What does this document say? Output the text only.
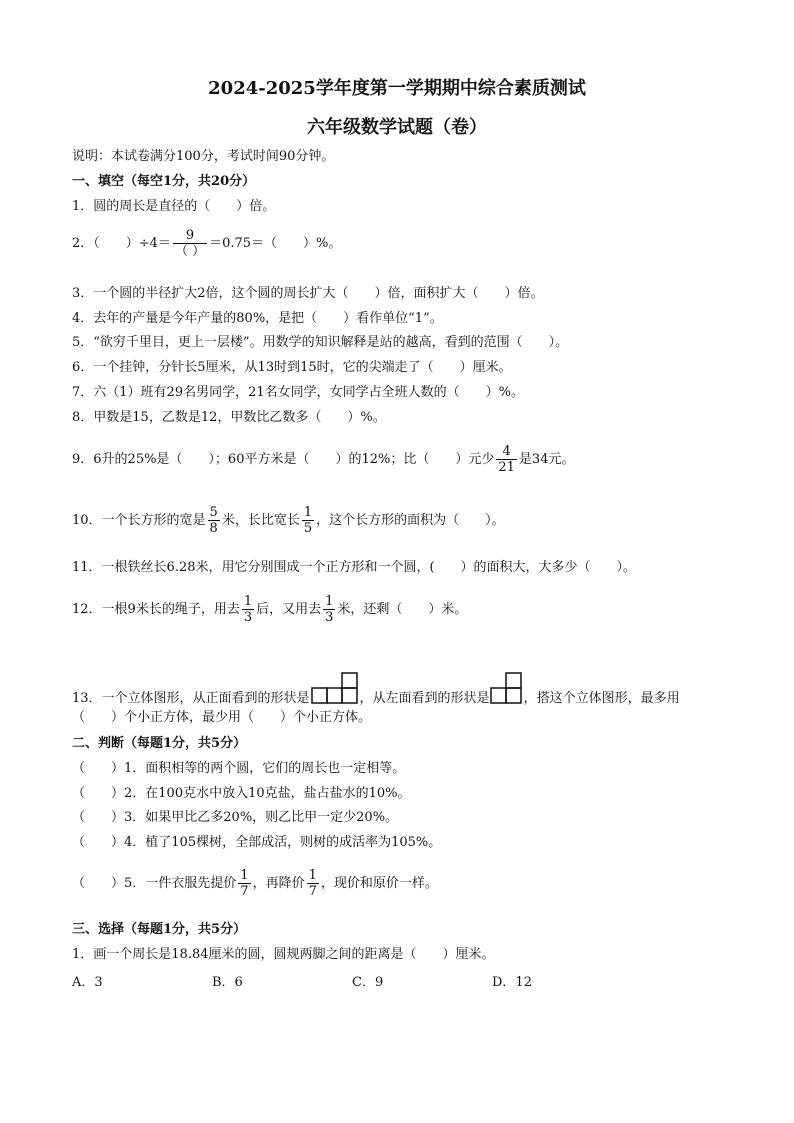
2024-2025学年度第一学期期中综合素质测试
六年级数学试题（卷）
说明：本试卷满分100分，考试时间90分钟。
一、填空（每空1分，共20分）
1．圆的周长是直径的（　　）倍。
2．（　　）$\div 4= \frac{9}{( )} =0.75=$（　　）%。
3．一个圆的半径扩大2倍，这个圆的周长扩大（　　）倍，面积扩大（　　）倍。
4．去年的产量是今年产量的80%，是把（　　）看作单位“1”。
5．“欲穷千里目，更上一层楼”。用数学的知识解释是站的越高，看到的范围（　　）。
6．一个挂钟，分针长5厘米，从13时到15时，它的尖端走了（　　）厘米。
7．六（1）班有29名男同学，21名女同学，女同学占全班人数的（　　）%。
8．甲数是15，乙数是12，甲数比乙数多（　　）%。
9．6升的25%是（　　）；60平方米是（　　）的12%；比（　　）元少 $\frac{4}{21}$ 是34元。
10．一个长方形的宽是 $\frac{5}{8}$ 米，长比宽长 $\frac{1}{5}$ ，这个长方形的面积为（　　）。
11．一根铁丝长6.28米，用它分别围成一个正方形和一个圆，(　　）的面积大，大多少（　　）。
12．一根9米长的绳子，用去 $\frac{1}{3}$ 后，又用去 $\frac{1}{3}$ 米，还剩（　　）米。
13．一个立体图形，从正面看到的形状是	，从左面看到的形状是	，搭这个立体图形，最多用
（　　）个小正方体，最少用（　　）个小正方体。
二、判断（每题1分，共5分）
（　　）1．面积相等的两个圆，它们的周长也一定相等。
（　　）2．在100克水中放入10克盐，盐占盐水的10%。
（　　）3．如果甲比乙多20%，则乙比甲一定少20%。
（　　）4．植了105棵树，全部成活，则树的成活率为105%。
（　　）5．一件衣服先提价 $\frac{1}{7}$ ，再降价 $\frac{1}{7}$ ，现价和原价一样。
三、选择（每题1分，共5分）
1．画一个周长是18.84厘米的圆，圆规两脚之间的距离是（　　）厘米。
A．3	B．6	C．9	D．12
